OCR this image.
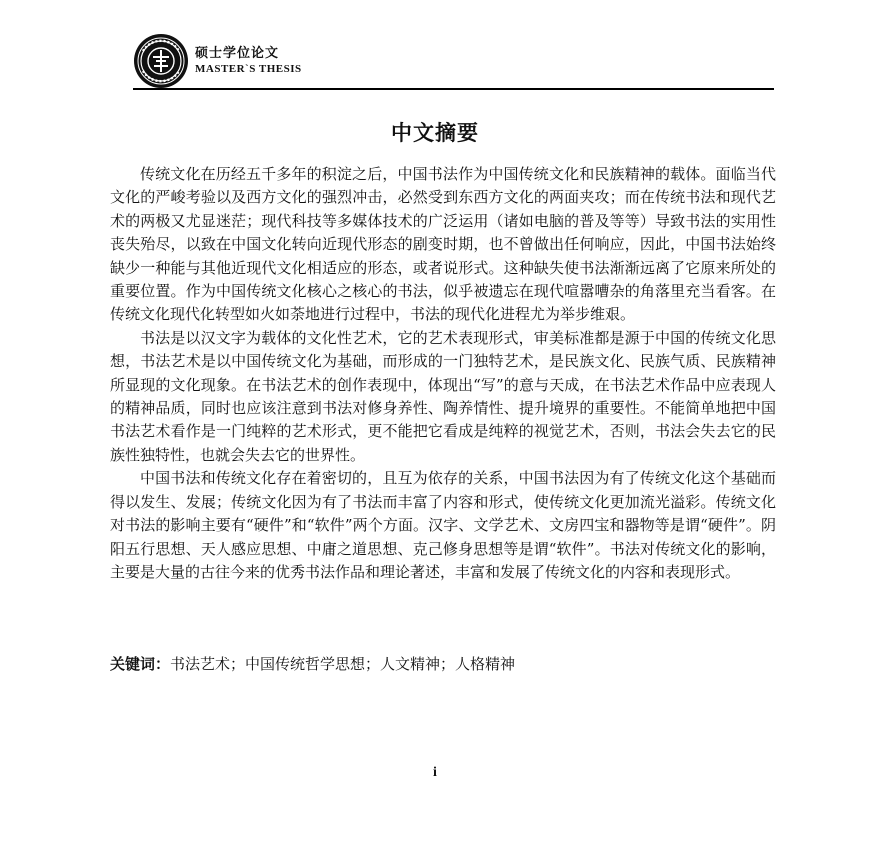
硕士学位论文
MASTER`S THESIS
中文摘要

传统文化在历经五千多年的积淀之后，中国书法作为中国传统文化和民族精神的载体。面临当代文化的严峻考验以及西方文化的强烈冲击，必然受到东西方文化的两面夹攻；而在传统书法和现代艺术的两极又尤显迷茫；现代科技等多媒体技术的广泛运用（诸如电脑的普及等等）导致书法的实用性丧失殆尽，以致在中国文化转向近现代形态的剧变时期，也不曾做出任何响应，因此，中国书法始终缺少一种能与其他近现代文化相适应的形态，或者说形式。这种缺失使书法渐渐远离了它原来所处的重要位置。作为中国传统文化核心之核心的书法，似乎被遗忘在现代喧嚣嘈杂的角落里充当看客。在传统文化现代化转型如火如荼地进行过程中，书法的现代化进程尤为举步维艰。

书法是以汉文字为载体的文化性艺术，它的艺术表现形式，审美标准都是源于中国的传统文化思想，书法艺术是以中国传统文化为基础，而形成的一门独特艺术，是民族文化、民族气质、民族精神所显现的文化现象。在书法艺术的创作表现中，体现出“写”的意与天成，在书法艺术作品中应表现人的精神品质，同时也应该注意到书法对修身养性、陶养情性、提升境界的重要性。不能简单地把中国书法艺术看作是一门纯粹的艺术形式，更不能把它看成是纯粹的视觉艺术，否则，书法会失去它的民族性独特性，也就会失去它的世界性。

中国书法和传统文化存在着密切的，且互为依存的关系，中国书法因为有了传统文化这个基础而得以发生、发展；传统文化因为有了书法而丰富了内容和形式，使传统文化更加流光溢彩。传统文化对书法的影响主要有“硬件”和“软件”两个方面。汉字、文学艺术、文房四宝和器物等是谓“硬件”。阴阳五行思想、天人感应思想、中庸之道思想、克己修身思想等是谓“软件”。书法对传统文化的影响，主要是大量的古往今来的优秀书法作品和理论著述，丰富和发展了传统文化的内容和表现形式。

关键词：书法艺术；中国传统哲学思想；人文精神；人格精神
i
